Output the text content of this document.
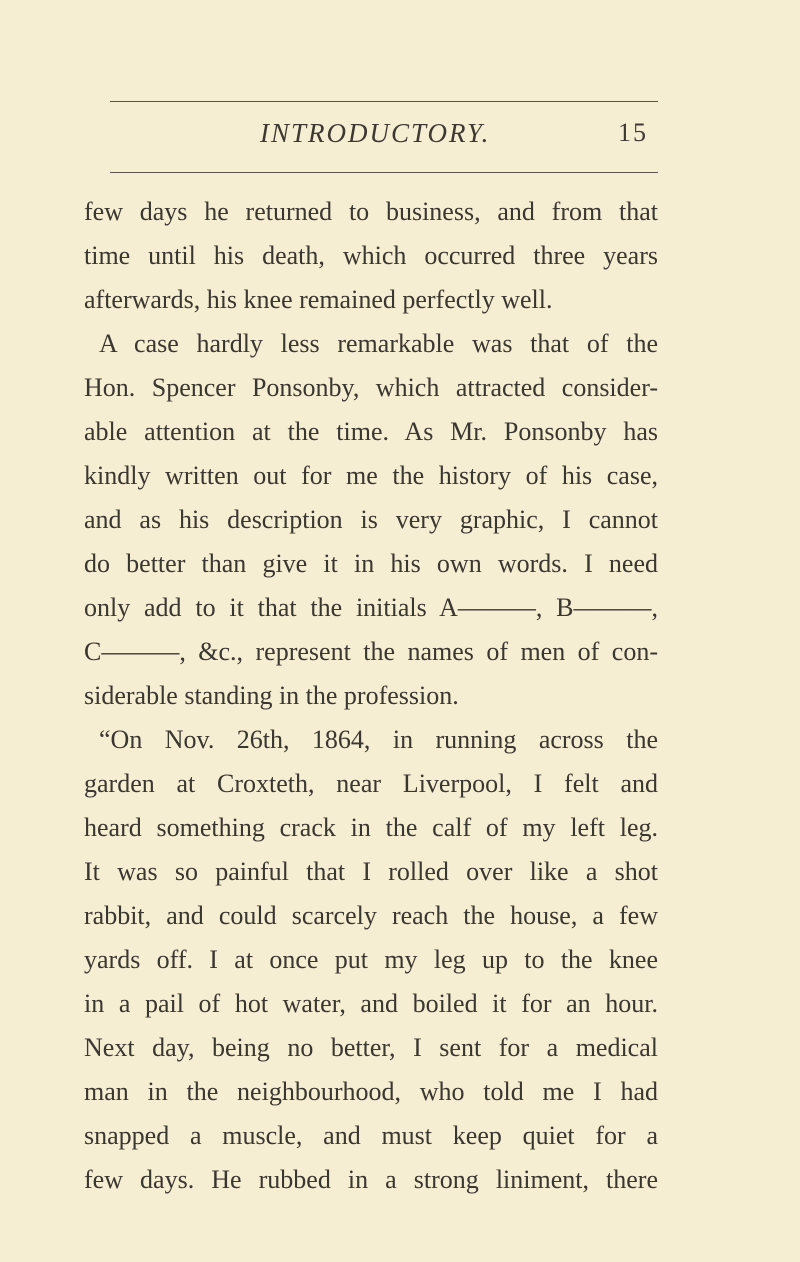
INTRODUCTORY.	15
few days he returned to business, and from that
time until his death, which occurred three years
afterwards, his knee remained perfectly well.
A case hardly less remarkable was that of the
Hon. Spencer Ponsonby, which attracted consider-
able attention at the time. As Mr. Ponsonby has
kindly written out for me the history of his case,
and as his description is very graphic, I cannot
do better than give it in his own words. I need
only add to it that the initials A———, B———,
C———, &c., represent the names of men of con-
siderable standing in the profession.
“On Nov. 26th, 1864, in running across the
garden at Croxteth, near Liverpool, I felt and
heard something crack in the calf of my left leg.
It was so painful that I rolled over like a shot
rabbit, and could scarcely reach the house, a few
yards off. I at once put my leg up to the knee
in a pail of hot water, and boiled it for an hour.
Next day, being no better, I sent for a medical
man in the neighbourhood, who told me I had
snapped a muscle, and must keep quiet for a
few days. He rubbed in a strong liniment, there
